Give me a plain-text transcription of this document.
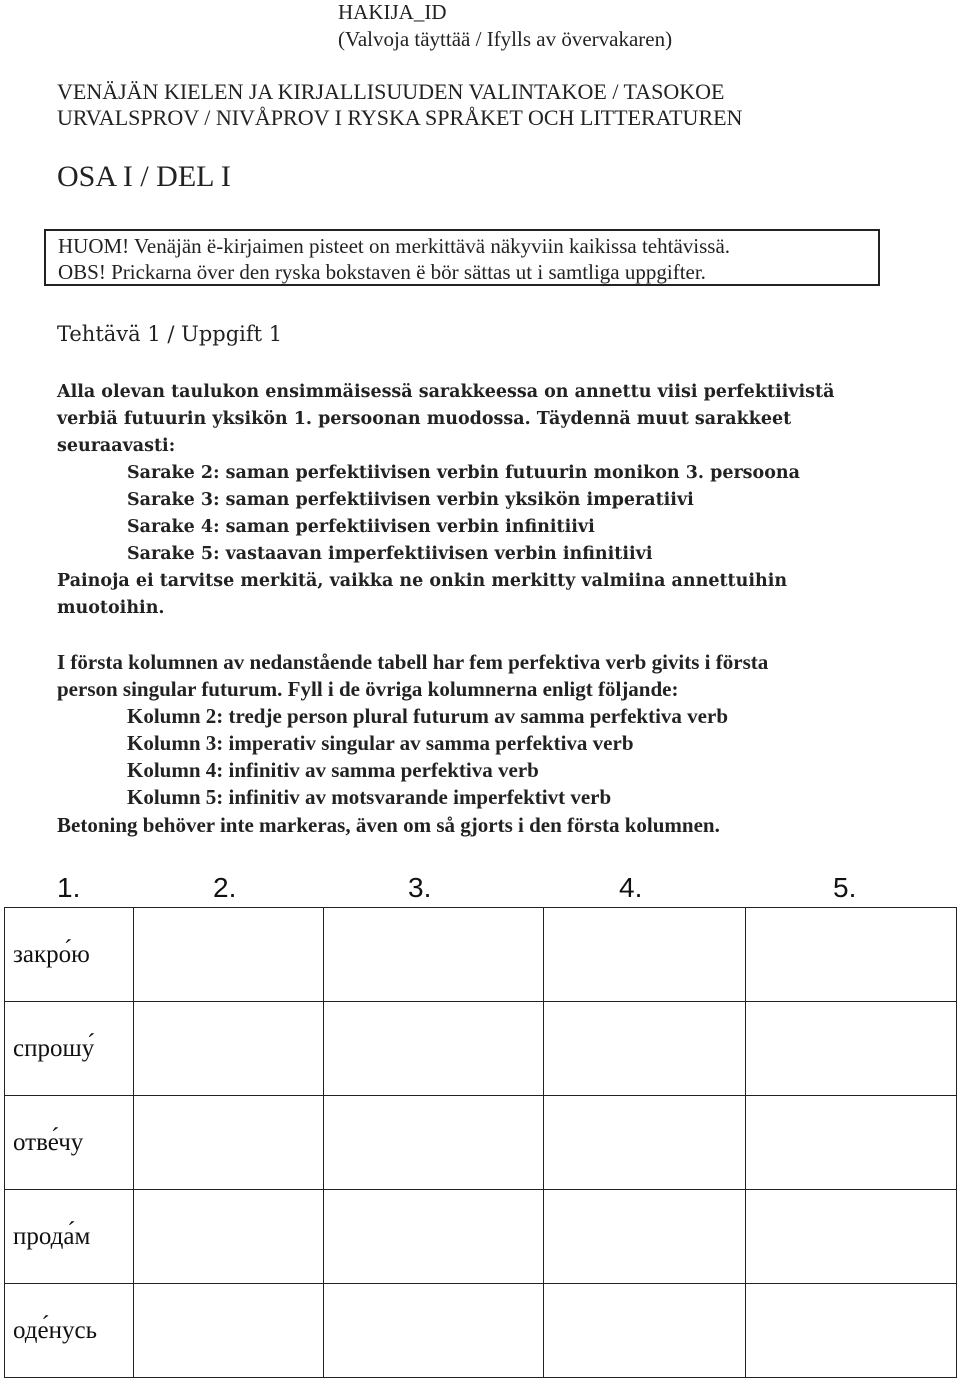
HAKIJA_ID
(Valvoja täyttää / Ifylls av övervakaren)
VENÄJÄN KIELEN JA KIRJALLISUUDEN VALINTAKOE / TASOKOE
URVALSPROV / NIVÅPROV I RYSKA SPRÅKET OCH LITTERATUREN
OSA I / DEL I
HUOM! Venäjän ë-kirjaimen pisteet on merkittävä näkyviin kaikissa tehtävissä.
OBS! Prickarna över den ryska bokstaven ë bör sättas ut i samtliga uppgifter.
Tehtävä 1 / Uppgift 1
Alla olevan taulukon ensimmäisessä sarakkeessa on annettu viisi perfektiivistä
verbiä futuurin yksikön 1. persoonan muodossa. Täydennä muut sarakkeet
seuraavasti:
Sarake 2: saman perfektiivisen verbin futuurin monikon 3. persoona
Sarake 3: saman perfektiivisen verbin yksikön imperatiivi
Sarake 4: saman perfektiivisen verbin infinitiivi
Sarake 5: vastaavan imperfektiivisen verbin infinitiivi
Painoja ei tarvitse merkitä, vaikka ne onkin merkitty valmiina annettuihin
muotoihin.
I första kolumnen av nedanstående tabell har fem perfektiva verb givits i första
person singular futurum. Fyll i de övriga kolumnerna enligt följande:
Kolumn 2: tredje person plural futurum av samma perfektiva verb
Kolumn 3: imperativ singular av samma perfektiva verb
Kolumn 4: infinitiv av samma perfektiva verb
Kolumn 5: infinitiv av motsvarande imperfektivt verb
Betoning behöver inte markeras, även om så gjorts i den första kolumnen.
1.	2.	3.	4.	5.
закро́ю				
спрошу́				
отве́чу				
прода́м				
оде́нусь				
